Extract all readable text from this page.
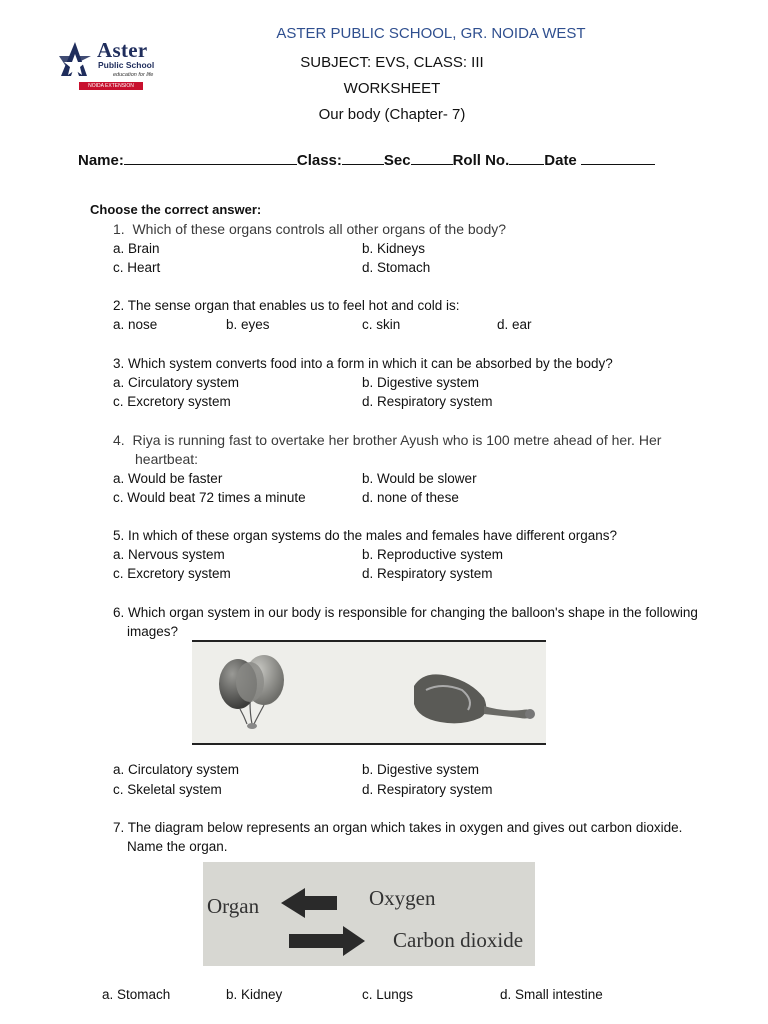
Aster
Public School
education for life
NOIDA EXTENSION
ASTER PUBLIC SCHOOL, GR. NOIDA WEST
SUBJECT: EVS, CLASS: III
WORKSHEET
Our body (Chapter- 7)
Name:	Class:	Sec	Roll No. Date
Choose the correct answer:
1. Which of these organs controls all other organs of the body?
a. Brain	b. Kidneys
c. Heart	d. Stomach
2. The sense organ that enables us to feel hot and cold is:
a. nose	b. eyes	c. skin	d. ear
3. Which system converts food into a form in which it can be absorbed by the body?
a. Circulatory system	b. Digestive system
c. Excretory system	d. Respiratory system
4. Riya is running fast to overtake her brother Ayush who is 100 metre ahead of her. Her
heartbeat:
a. Would be faster	b. Would be slower
c. Would beat 72 times a minute	d. none of these
5. In which of these organ systems do the males and females have different organs?
a. Nervous system	b. Reproductive system
c. Excretory system	d. Respiratory system
6. Which organ system in our body is responsible for changing the balloon's shape in the following
images?
a. Circulatory system	b. Digestive system
c. Skeletal system	d. Respiratory system
7. The diagram below represents an organ which takes in oxygen and gives out carbon dioxide.
Name the organ.
Organ	Oxygen
Carbon dioxide
a. Stomach	b. Kidney	c. Lungs	d. Small intestine
